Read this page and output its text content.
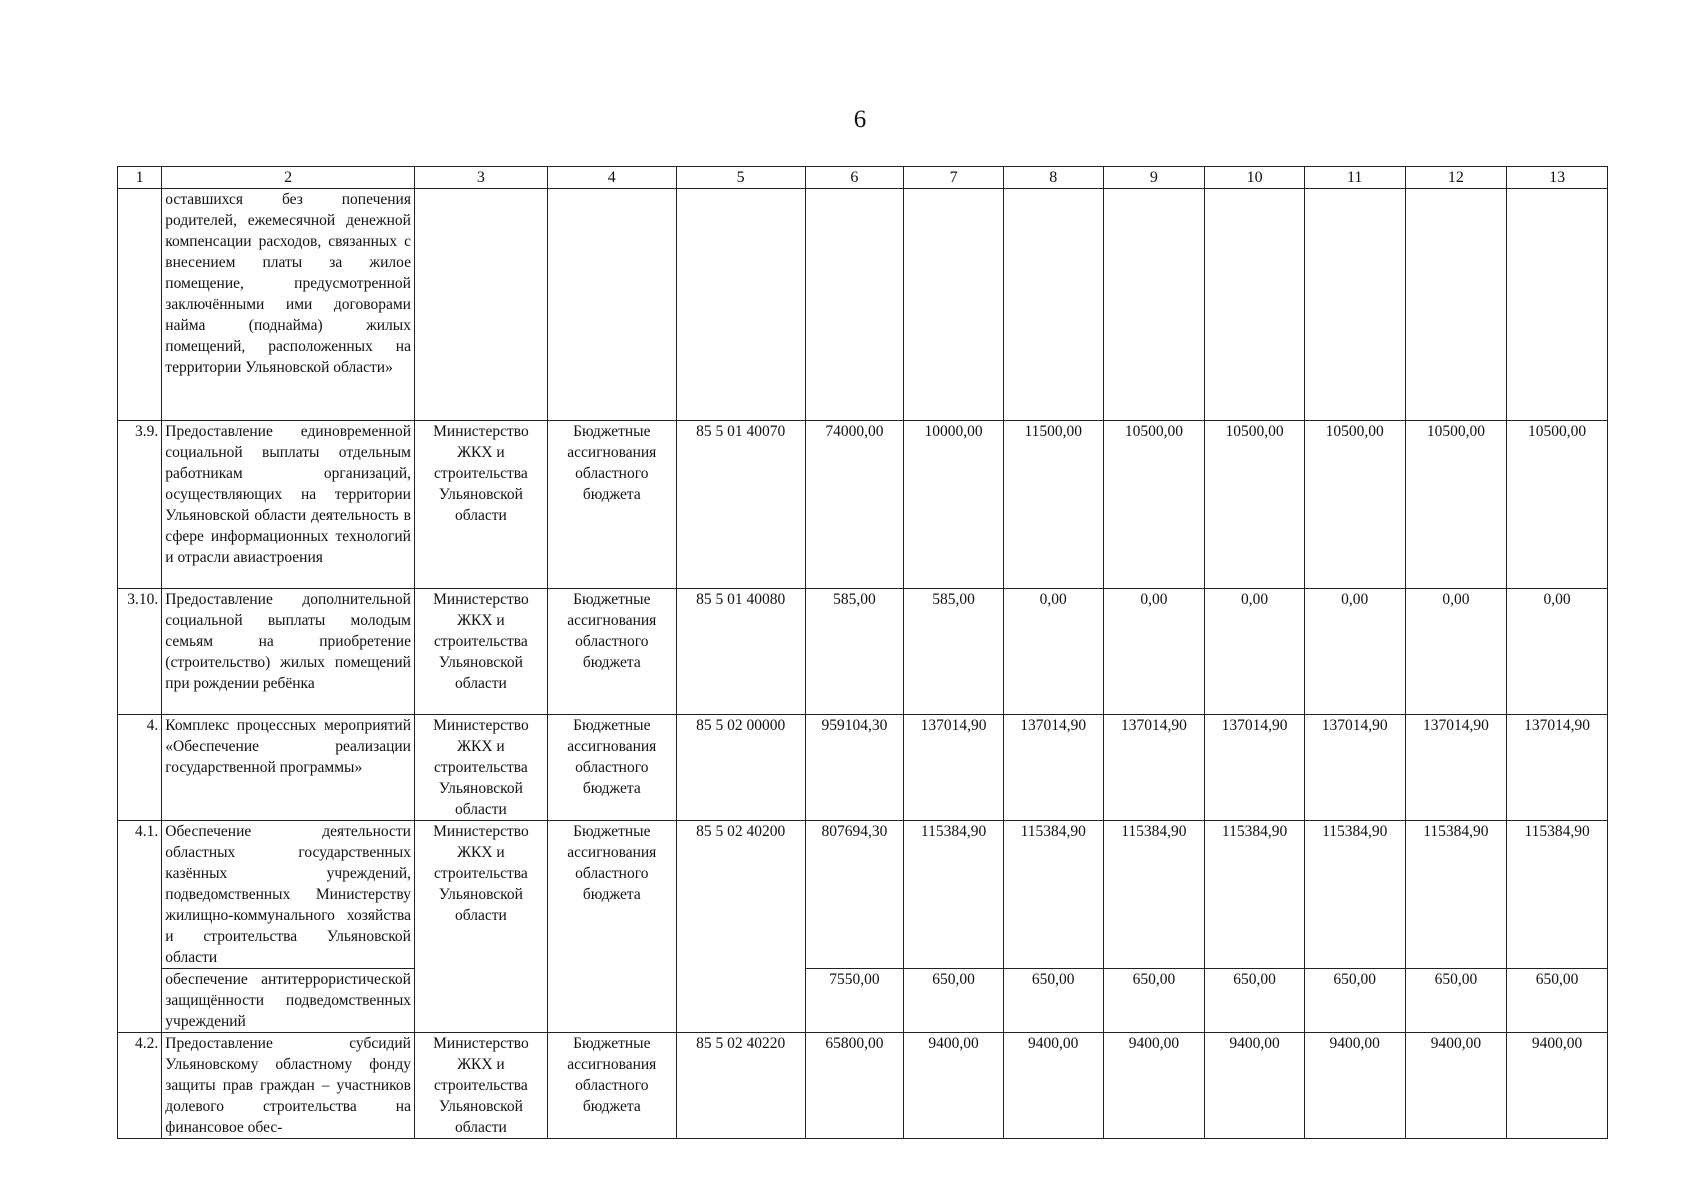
6
1	2	3	4	5	6	7	8	9	10	11	12	13
	оставшихся без попечения родителей, ежемесячной денежной компенсации расходов, связанных с внесением платы за жилое помещение, предусмотренной заключёнными ими договорами найма (поднайма) жилых помещений, расположенных на территории Ульяновской области»											
3.9.	Предоставление единовременной социальной выплаты отдельным работникам организаций, осуществляющих на территории Ульяновской области деятельность в сфере информационных технологий и отрасли авиастроения	Министерство ЖКХ и строительства Ульяновской области	Бюджетные ассигнования областного бюджета	85 5 01 40070	74000,00	10000,00	11500,00	10500,00	10500,00	10500,00	10500,00	10500,00
3.10.	Предоставление дополнительной социальной выплаты молодым семьям на приобретение (строительство) жилых помещений при рождении ребёнка	Министерство ЖКХ и строительства Ульяновской области	Бюджетные ассигнования областного бюджета	85 5 01 40080	585,00	585,00	0,00	0,00	0,00	0,00	0,00	0,00
4.	Комплекс процессных мероприятий «Обеспечение реализации государственной программы»	Министерство ЖКХ и строительства Ульяновской области	Бюджетные ассигнования областного бюджета	85 5 02 00000	959104,30	137014,90	137014,90	137014,90	137014,90	137014,90	137014,90	137014,90
4.1.	Обеспечение деятельности областных государственных казённых учреждений, подведомственных Министерству жилищно-коммунального хозяйства и строительства Ульяновской области	Министерство ЖКХ и строительства Ульяновской области	Бюджетные ассигнования областного бюджета	85 5 02 40200	807694,30	115384,90	115384,90	115384,90	115384,90	115384,90	115384,90	115384,90
	обеспечение антитеррористической защищённости подведомственных учреждений				7550,00	650,00	650,00	650,00	650,00	650,00	650,00	650,00
4.2.	Предоставление субсидий Ульяновскому областному фонду защиты прав граждан – участников долевого строительства на финансовое обес-	Министерство ЖКХ и строительства Ульяновской области	Бюджетные ассигнования областного бюджета	85 5 02 40220	65800,00	9400,00	9400,00	9400,00	9400,00	9400,00	9400,00	9400,00
